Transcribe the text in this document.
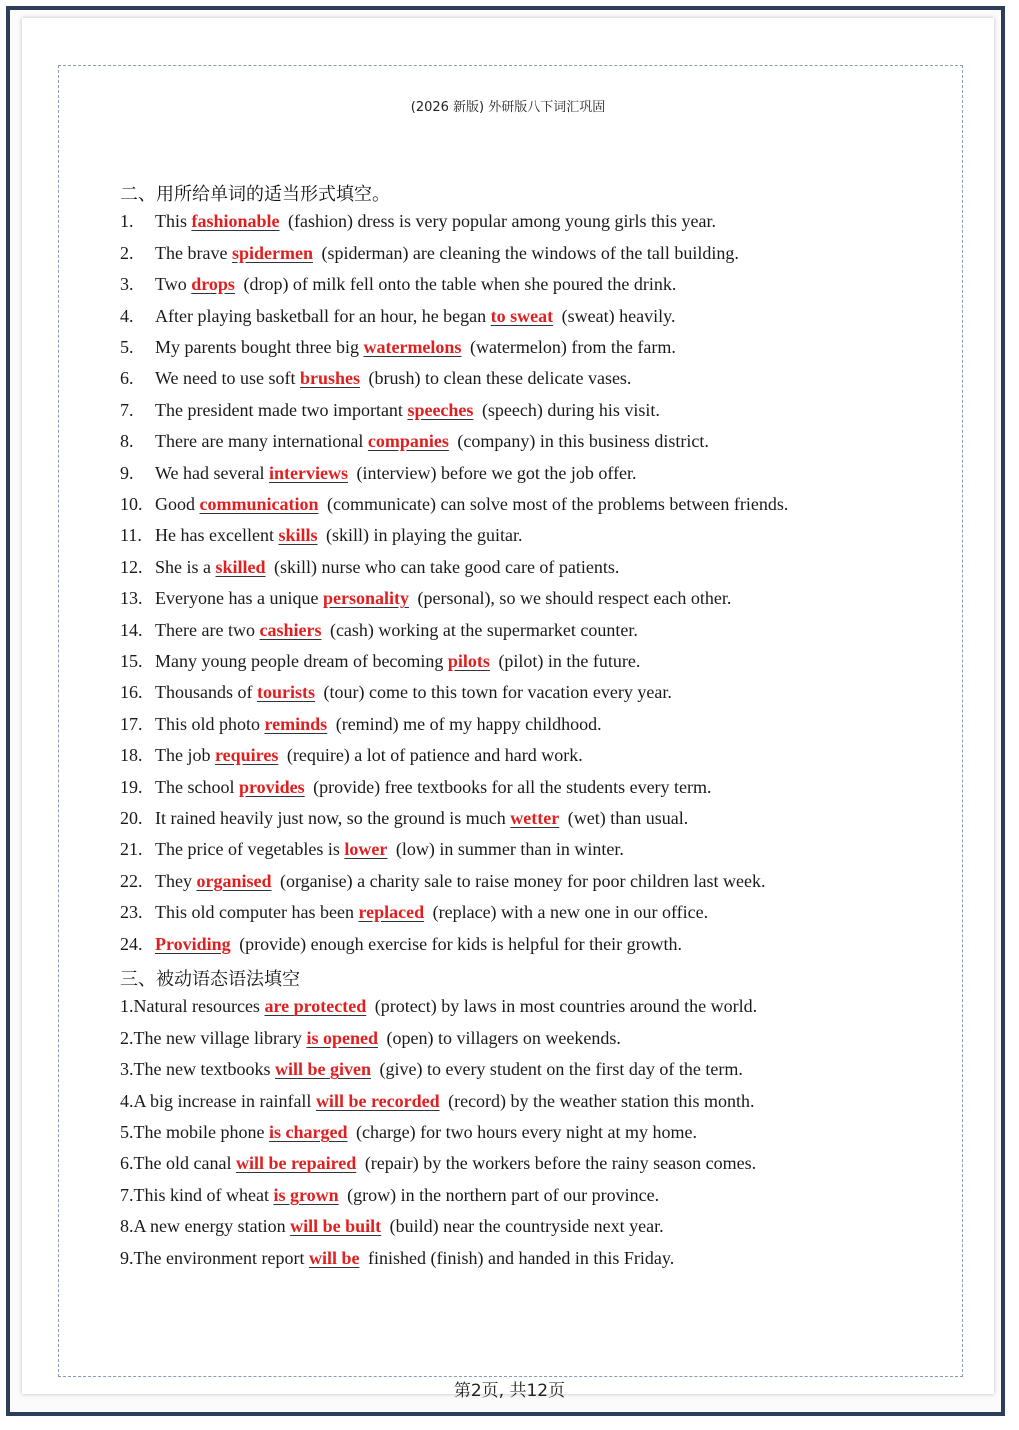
(2026 新版) 外研版八下词汇巩固
二、用所给单词的适当形式填空。
1. This fashionable (fashion) dress is very popular among young girls this year.
2. The brave spidermen (spiderman) are cleaning the windows of the tall building.
3. Two drops (drop) of milk fell onto the table when she poured the drink.
4. After playing basketball for an hour, he began to sweat (sweat) heavily.
5. My parents bought three big watermelons (watermelon) from the farm.
6. We need to use soft brushes (brush) to clean these delicate vases.
7. The president made two important speeches (speech) during his visit.
8. There are many international companies (company) in this business district.
9. We had several interviews (interview) before we got the job offer.
10. Good communication (communicate) can solve most of the problems between friends.
11. He has excellent skills (skill) in playing the guitar.
12. She is a skilled (skill) nurse who can take good care of patients.
13. Everyone has a unique personality (personal), so we should respect each other.
14. There are two cashiers (cash) working at the supermarket counter.
15. Many young people dream of becoming pilots (pilot) in the future.
16. Thousands of tourists (tour) come to this town for vacation every year.
17. This old photo reminds (remind) me of my happy childhood.
18. The job requires (require) a lot of patience and hard work.
19. The school provides (provide) free textbooks for all the students every term.
20. It rained heavily just now, so the ground is much wetter (wet) than usual.
21. The price of vegetables is lower (low) in summer than in winter.
22. They organised (organise) a charity sale to raise money for poor children last week.
23. This old computer has been replaced (replace) with a new one in our office.
24. Providing (provide) enough exercise for kids is helpful for their growth.
三、被动语态语法填空
1.Natural resources are protected (protect) by laws in most countries around the world.
2.The new village library is opened (open) to villagers on weekends.
3.The new textbooks will be given (give) to every student on the first day of the term.
4.A big increase in rainfall will be recorded (record) by the weather station this month.
5.The mobile phone is charged (charge) for two hours every night at my home.
6.The old canal will be repaired (repair) by the workers before the rainy season comes.
7.This kind of wheat is grown (grow) in the northern part of our province.
8.A new energy station will be built (build) near the countryside next year.
9.The environment report will be finished (finish) and handed in this Friday.
第2页, 共12页
